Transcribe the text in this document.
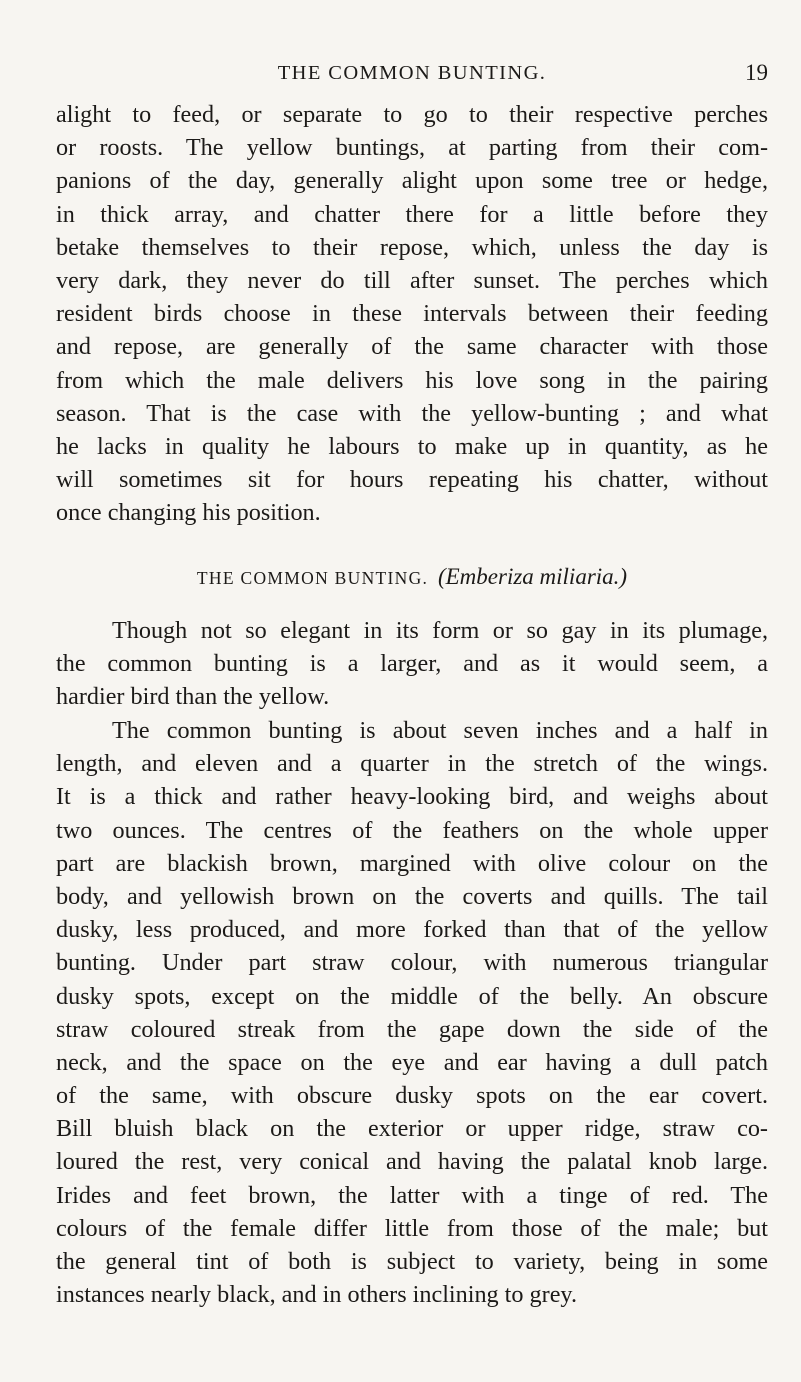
THE COMMON BUNTING.	19
alight to feed, or separate to go to their respective perches
or roosts. The yellow buntings, at parting from their com-
panions of the day, generally alight upon some tree or hedge,
in thick array, and chatter there for a little before they
betake themselves to their repose, which, unless the day is
very dark, they never do till after sunset. The perches which
resident birds choose in these intervals between their feeding
and repose, are generally of the same character with those
from which the male delivers his love song in the pairing
season. That is the case with the yellow-bunting ; and what
he lacks in quality he labours to make up in quantity, as he
will sometimes sit for hours repeating his chatter, without
once changing his position.
THE COMMON BUNTING. (Emberiza miliaria.)
Though not so elegant in its form or so gay in its plumage,
the common bunting is a larger, and as it would seem, a
hardier bird than the yellow.
The common bunting is about seven inches and a half in
length, and eleven and a quarter in the stretch of the wings.
It is a thick and rather heavy-looking bird, and weighs about
two ounces. The centres of the feathers on the whole upper
part are blackish brown, margined with olive colour on the
body, and yellowish brown on the coverts and quills. The tail
dusky, less produced, and more forked than that of the yellow
bunting. Under part straw colour, with numerous triangular
dusky spots, except on the middle of the belly. An obscure
straw coloured streak from the gape down the side of the
neck, and the space on the eye and ear having a dull patch
of the same, with obscure dusky spots on the ear covert.
Bill bluish black on the exterior or upper ridge, straw co-
loured the rest, very conical and having the palatal knob large.
Irides and feet brown, the latter with a tinge of red. The
colours of the female differ little from those of the male; but
the general tint of both is subject to variety, being in some
instances nearly black, and in others inclining to grey.
